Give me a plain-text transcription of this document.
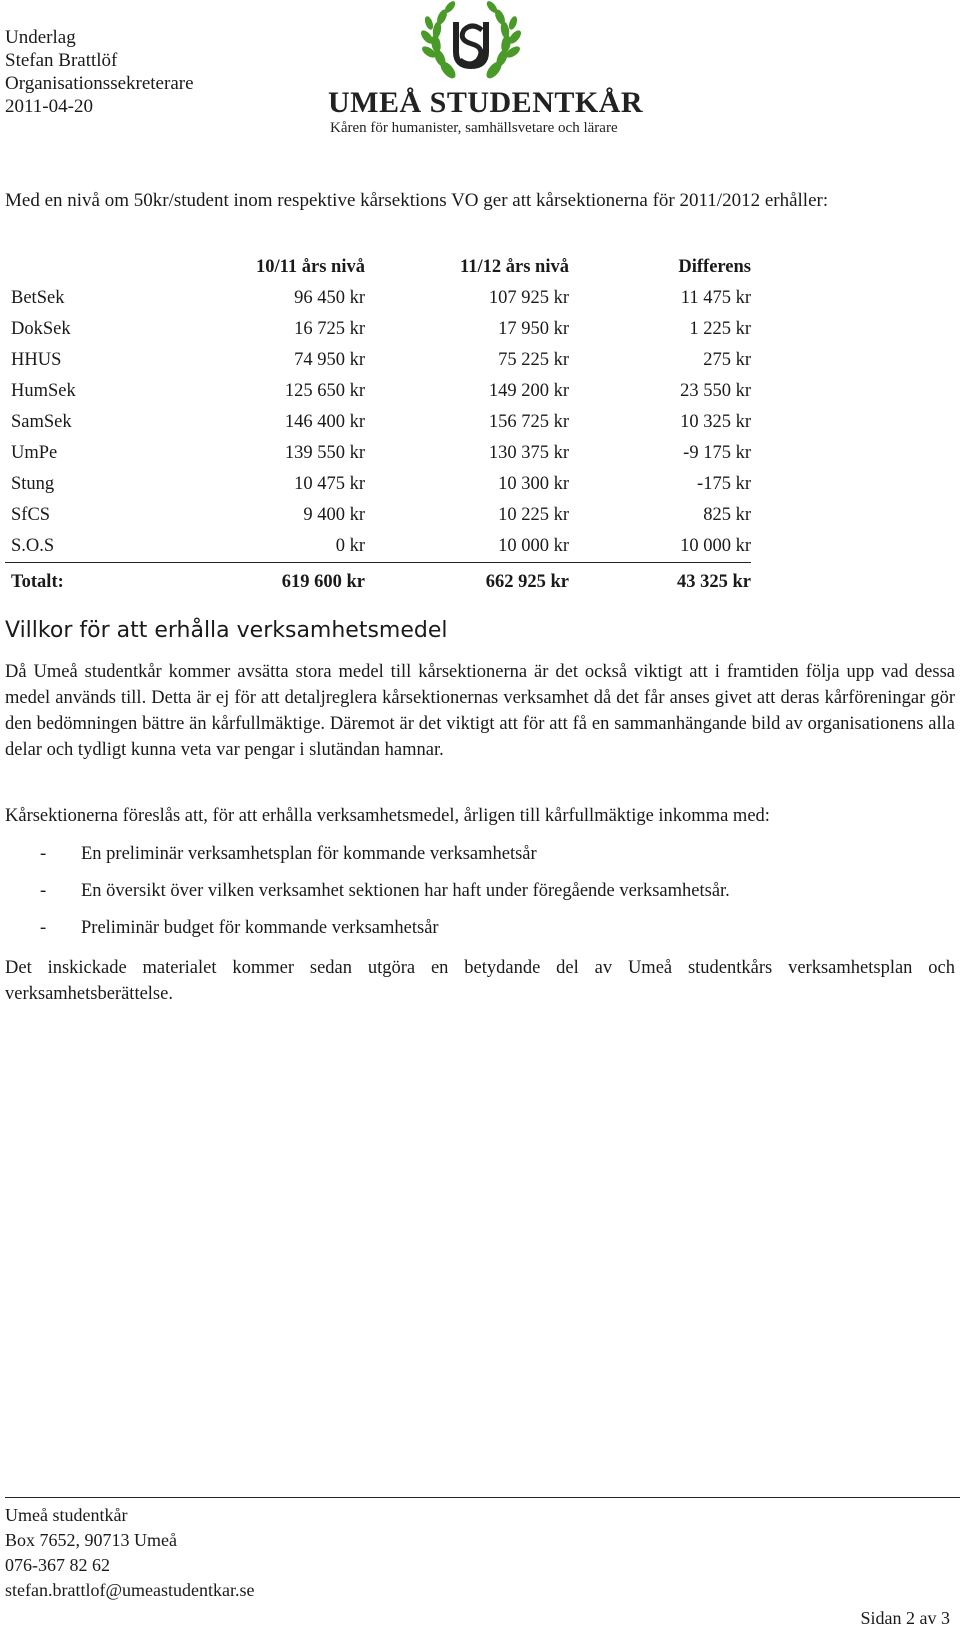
Underlag
Stefan Brattlöf
Organisationssekreterare
2011-04-20	UMEÅ STUDENTKÅR
Kåren för humanister, samhällsvetare och lärare
Med en nivå om 50kr/student inom respektive kårsektions VO ger att kårsektionerna för 2011/2012 erhåller:
	10/11 års nivå	11/12 års nivå	Differens
BetSek	96 450 kr	107 925 kr	11 475 kr
DokSek	16 725 kr	17 950 kr	1 225 kr
HHUS	74 950 kr	75 225 kr	275 kr
HumSek	125 650 kr	149 200 kr	23 550 kr
SamSek	146 400 kr	156 725 kr	10 325 kr
UmPe	139 550 kr	130 375 kr	-9 175 kr
Stung	10 475 kr	10 300 kr	-175 kr
SfCS	9 400 kr	10 225 kr	825 kr
S.O.S	0 kr	10 000 kr	10 000 kr
Totalt:	619 600 kr	662 925 kr	43 325 kr
Villkor för att erhålla verksamhetsmedel
Då Umeå studentkår kommer avsätta stora medel till kårsektionerna är det också viktigt att i framtiden följa upp vad dessa medel används till. Detta är ej för att detaljreglera kårsektionernas verksamhet då det får anses givet att deras kårföreningar gör den bedömningen bättre än kårfullmäktige. Däremot är det viktigt att för att få en sammanhängande bild av organisationens alla delar och tydligt kunna veta var pengar i slutändan hamnar.
Kårsektionerna föreslås att, för att erhålla verksamhetsmedel, årligen till kårfullmäktige inkomma med:
- En preliminär verksamhetsplan för kommande verksamhetsår
- En översikt över vilken verksamhet sektionen har haft under föregående verksamhetsår.
- Preliminär budget för kommande verksamhetsår
Det inskickade materialet kommer sedan utgöra en betydande del av Umeå studentkårs verksamhetsplan och verksamhetsberättelse.
Umeå studentkår
Box 7652, 90713 Umeå
076-367 82 62
stefan.brattlof@umeastudentkar.se
Sidan 2 av 3
